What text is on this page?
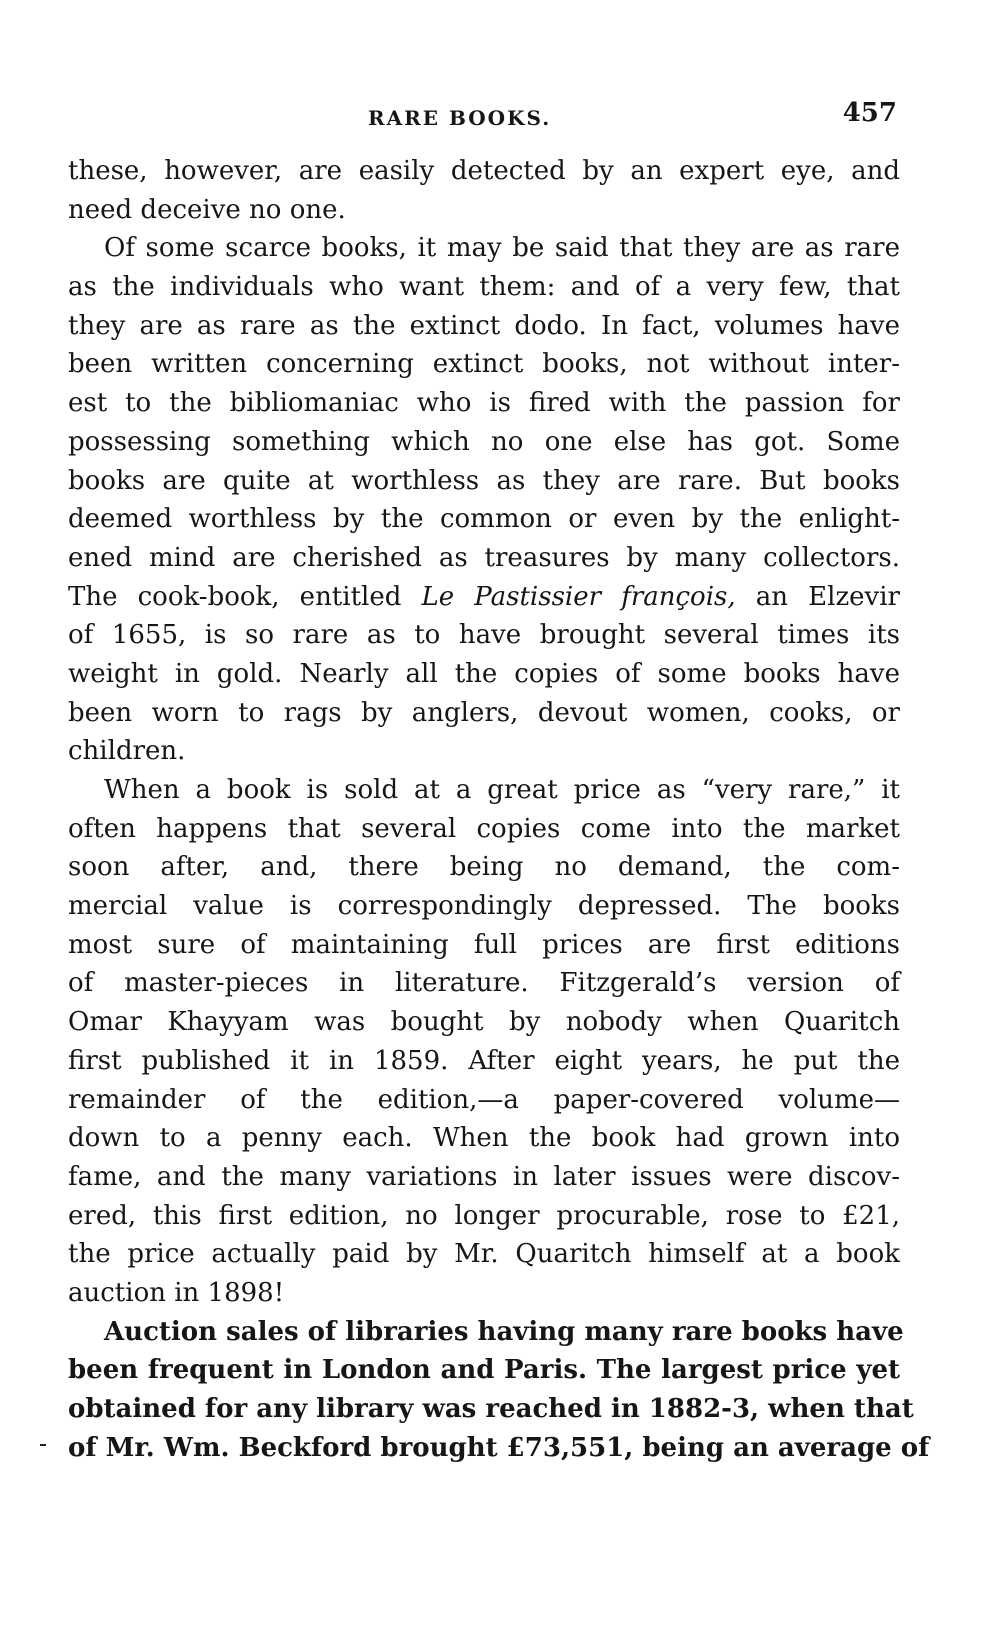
RARE BOOKS.	457
these, however, are easily detected by an expert eye, and
need deceive no one.
Of some scarce books, it may be said that they are as rare
as the individuals who want them: and of a very few, that
they are as rare as the extinct dodo. In fact, volumes have
been written concerning extinct books, not without inter-
est to the bibliomaniac who is fired with the passion for
possessing something which no one else has got. Some
books are quite at worthless as they are rare. But books
deemed worthless by the common or even by the enlight-
ened mind are cherished as treasures by many collectors.
The cook-book, entitled Le Pastissier françois, an Elzevir
of 1655, is so rare as to have brought several times its
weight in gold. Nearly all the copies of some books have
been worn to rags by anglers, devout women, cooks, or
children.
When a book is sold at a great price as “very rare,” it
often happens that several copies come into the market
soon after, and, there being no demand, the com-
mercial value is correspondingly depressed. The books
most sure of maintaining full prices are first editions
of master-pieces in literature. Fitzgerald’s version of
Omar Khayyam was bought by nobody when Quaritch
first published it in 1859. After eight years, he put the
remainder of the edition,—a paper-covered volume—
down to a penny each. When the book had grown into
fame, and the many variations in later issues were discov-
ered, this first edition, no longer procurable, rose to £21,
the price actually paid by Mr. Quaritch himself at a book
auction in 1898!
Auction sales of libraries having many rare books have
been frequent in London and Paris. The largest price yet
obtained for any library was reached in 1882-3, when that
of Mr. Wm. Beckford brought £73,551, being an average of
